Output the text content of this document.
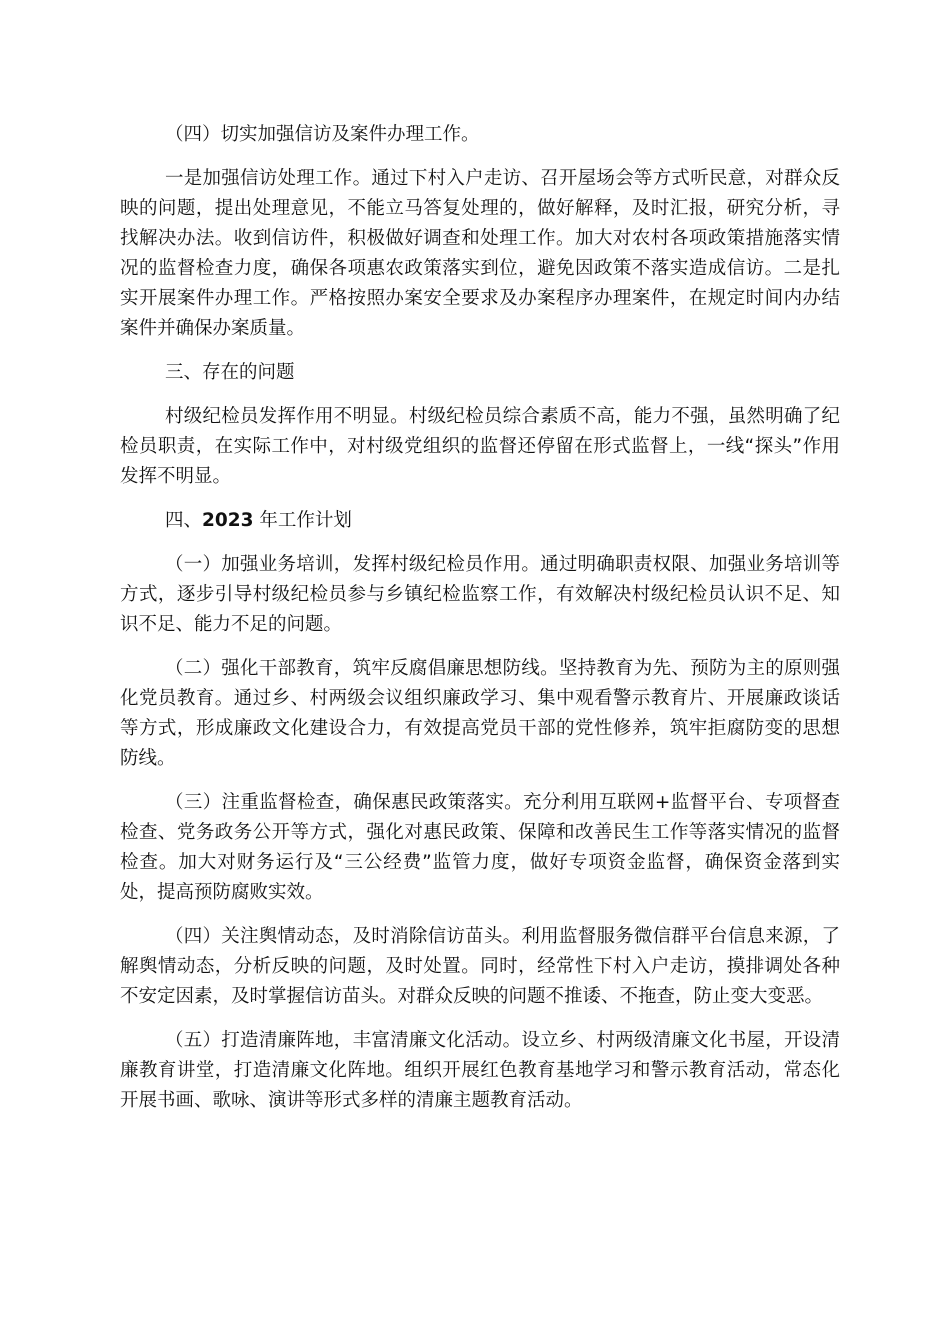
（四）切实加强信访及案件办理工作。

一是加强信访处理工作。通过下村入户走访、召开屋场会等方式听民意，对群众反映的问题，提出处理意见，不能立马答复处理的，做好解释，及时汇报，研究分析，寻找解决办法。收到信访件，积极做好调查和处理工作。加大对农村各项政策措施落实情况的监督检查力度，确保各项惠农政策落实到位，避免因政策不落实造成信访。二是扎实开展案件办理工作。严格按照办案安全要求及办案程序办理案件，在规定时间内办结案件并确保办案质量。

三、存在的问题

村级纪检员发挥作用不明显。村级纪检员综合素质不高，能力不强，虽然明确了纪检员职责，在实际工作中，对村级党组织的监督还停留在形式监督上，一线“探头”作用发挥不明显。

四、2023 年工作计划

（一）加强业务培训，发挥村级纪检员作用。通过明确职责权限、加强业务培训等方式，逐步引导村级纪检员参与乡镇纪检监察工作，有效解决村级纪检员认识不足、知识不足、能力不足的问题。

（二）强化干部教育，筑牢反腐倡廉思想防线。坚持教育为先、预防为主的原则强化党员教育。通过乡、村两级会议组织廉政学习、集中观看警示教育片、开展廉政谈话等方式，形成廉政文化建设合力，有效提高党员干部的党性修养，筑牢拒腐防变的思想防线。

（三）注重监督检查，确保惠民政策落实。充分利用互联网+监督平台、专项督查检查、党务政务公开等方式，强化对惠民政策、保障和改善民生工作等落实情况的监督检查。加大对财务运行及“三公经费”监管力度，做好专项资金监督，确保资金落到实处，提高预防腐败实效。

（四）关注舆情动态，及时消除信访苗头。利用监督服务微信群平台信息来源，了解舆情动态，分析反映的问题，及时处置。同时，经常性下村入户走访，摸排调处各种不安定因素，及时掌握信访苗头。对群众反映的问题不推诿、不拖查，防止变大变恶。

（五）打造清廉阵地，丰富清廉文化活动。设立乡、村两级清廉文化书屋，开设清廉教育讲堂，打造清廉文化阵地。组织开展红色教育基地学习和警示教育活动，常态化开展书画、歌咏、演讲等形式多样的清廉主题教育活动。
